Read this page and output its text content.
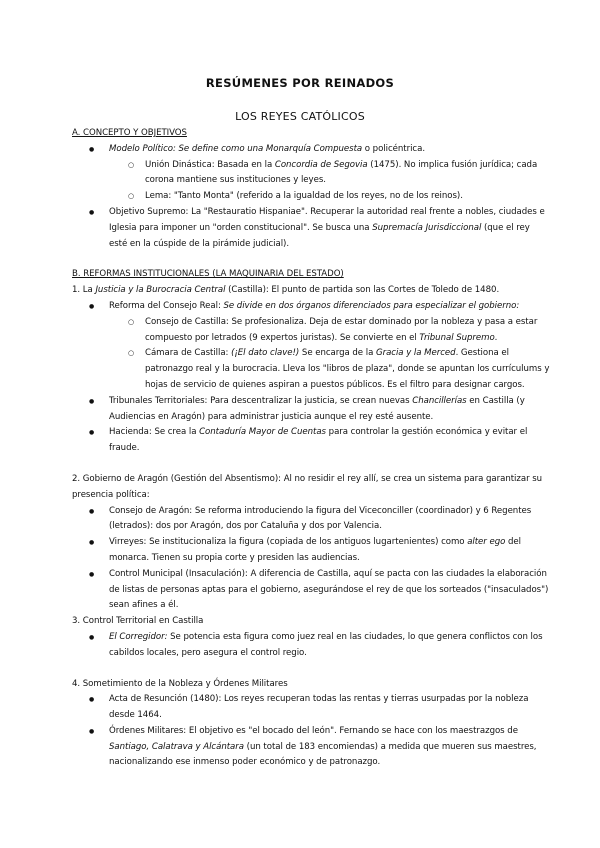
RESÚMENES POR REINADOS
LOS REYES CATÓLICOS

A. CONCEPTO Y OBJETIVOS

● Modelo Político: Se define como una Monarquía Compuesta o policéntrica.

○ Unión Dinástica: Basada en la Concordia de Segovia (1475). No implica fusión jurídica; cada corona mantiene sus instituciones y leyes.

○ Lema: "Tanto Monta" (referido a la igualdad de los reyes, no de los reinos).

● Objetivo Supremo: La "Restauratio Hispaniae". Recuperar la autoridad real frente a nobles, ciudades e Iglesia para imponer un "orden constitucional". Se busca una Supremacía Jurisdiccional (que el rey esté en la cúspide de la pirámide judicial).

B. REFORMAS INSTITUCIONALES (LA MAQUINARIA DEL ESTADO)

1. La Justicia y la Burocracia Central (Castilla): El punto de partida son las Cortes de Toledo de 1480.

● Reforma del Consejo Real: Se divide en dos órganos diferenciados para especializar el gobierno:

○ Consejo de Castilla: Se profesionaliza. Deja de estar dominado por la nobleza y pasa a estar compuesto por letrados (9 expertos juristas). Se convierte en el Tribunal Supremo.

○ Cámara de Castilla: (¡El dato clave!) Se encarga de la Gracia y la Merced. Gestiona el patronazgo real y la burocracia. Lleva los "libros de plaza", donde se apuntan los currículums y hojas de servicio de quienes aspiran a puestos públicos. Es el filtro para designar cargos.

● Tribunales Territoriales: Para descentralizar la justicia, se crean nuevas Chancillerías en Castilla (y Audiencias en Aragón) para administrar justicia aunque el rey esté ausente.

● Hacienda: Se crea la Contaduría Mayor de Cuentas para controlar la gestión económica y evitar el fraude.

2. Gobierno de Aragón (Gestión del Absentismo): Al no residir el rey allí, se crea un sistema para garantizar su presencia política:

● Consejo de Aragón: Se reforma introduciendo la figura del Viceconciller (coordinador) y 6 Regentes (letrados): dos por Aragón, dos por Cataluña y dos por Valencia.

● Virreyes: Se institucionaliza la figura (copiada de los antiguos lugartenientes) como alter ego del monarca. Tienen su propia corte y presiden las audiencias.

● Control Municipal (Insaculación): A diferencia de Castilla, aquí se pacta con las ciudades la elaboración de listas de personas aptas para el gobierno, asegurándose el rey de que los sorteados ("insaculados") sean afines a él.

3. Control Territorial en Castilla

● El Corregidor: Se potencia esta figura como juez real en las ciudades, lo que genera conflictos con los cabildos locales, pero asegura el control regio.

4. Sometimiento de la Nobleza y Órdenes Militares

● Acta de Resunción (1480): Los reyes recuperan todas las rentas y tierras usurpadas por la nobleza desde 1464.

● Órdenes Militares: El objetivo es "el bocado del león". Fernando se hace con los maestrazgos de Santiago, Calatrava y Alcántara (un total de 183 encomiendas) a medida que mueren sus maestres, nacionalizando ese inmenso poder económico y de patronazgo.
